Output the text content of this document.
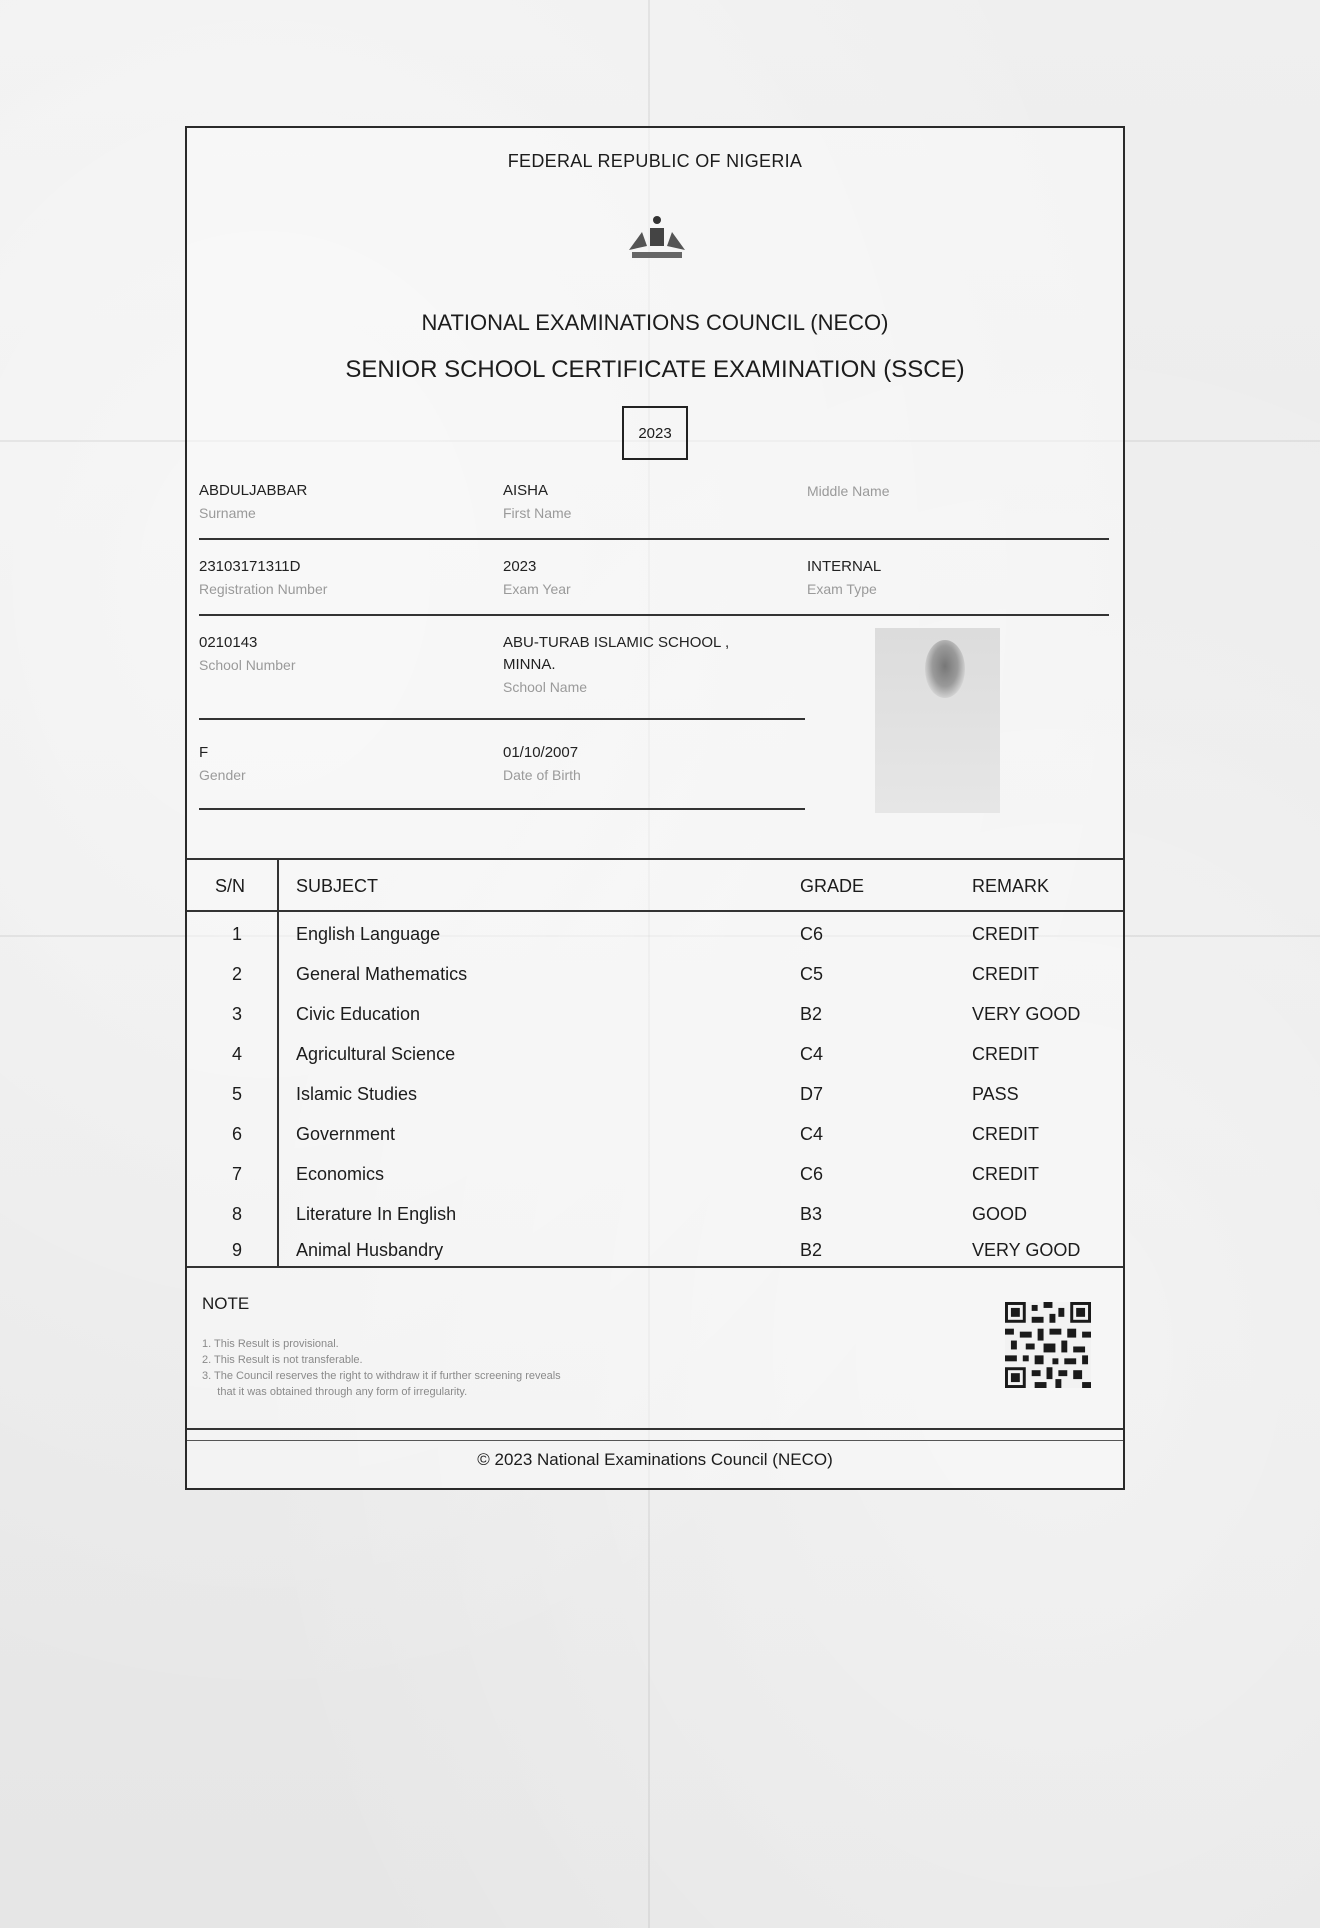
FEDERAL REPUBLIC OF NIGERIA
NATIONAL EXAMINATIONS COUNCIL (NECO)
SENIOR SCHOOL CERTIFICATE EXAMINATION (SSCE)
2023
ABDULJABBAR
Surname
AISHA
First Name
Middle Name
23103171311D
Registration Number
2023
Exam Year
INTERNAL
Exam Type
0210143
School Number
ABU-TURAB ISLAMIC SCHOOL ,
MINNA.
School Name
F
Gender
01/10/2007
Date of Birth
S/N	SUBJECT	GRADE	REMARK
1	English Language	C6	CREDIT
2	General Mathematics	C5	CREDIT
3	Civic Education	B2	VERY GOOD
4	Agricultural Science	C4	CREDIT
5	Islamic Studies	D7	PASS
6	Government	C4	CREDIT
7	Economics	C6	CREDIT
8	Literature In English	B3	GOOD
9	Animal Husbandry	B2	VERY GOOD
NOTE
1. This Result is provisional.
2. This Result is not transferable.
3. The Council reserves the right to withdraw it if further screening reveals
that it was obtained through any form of irregularity.
© 2023 National Examinations Council (NECO)
